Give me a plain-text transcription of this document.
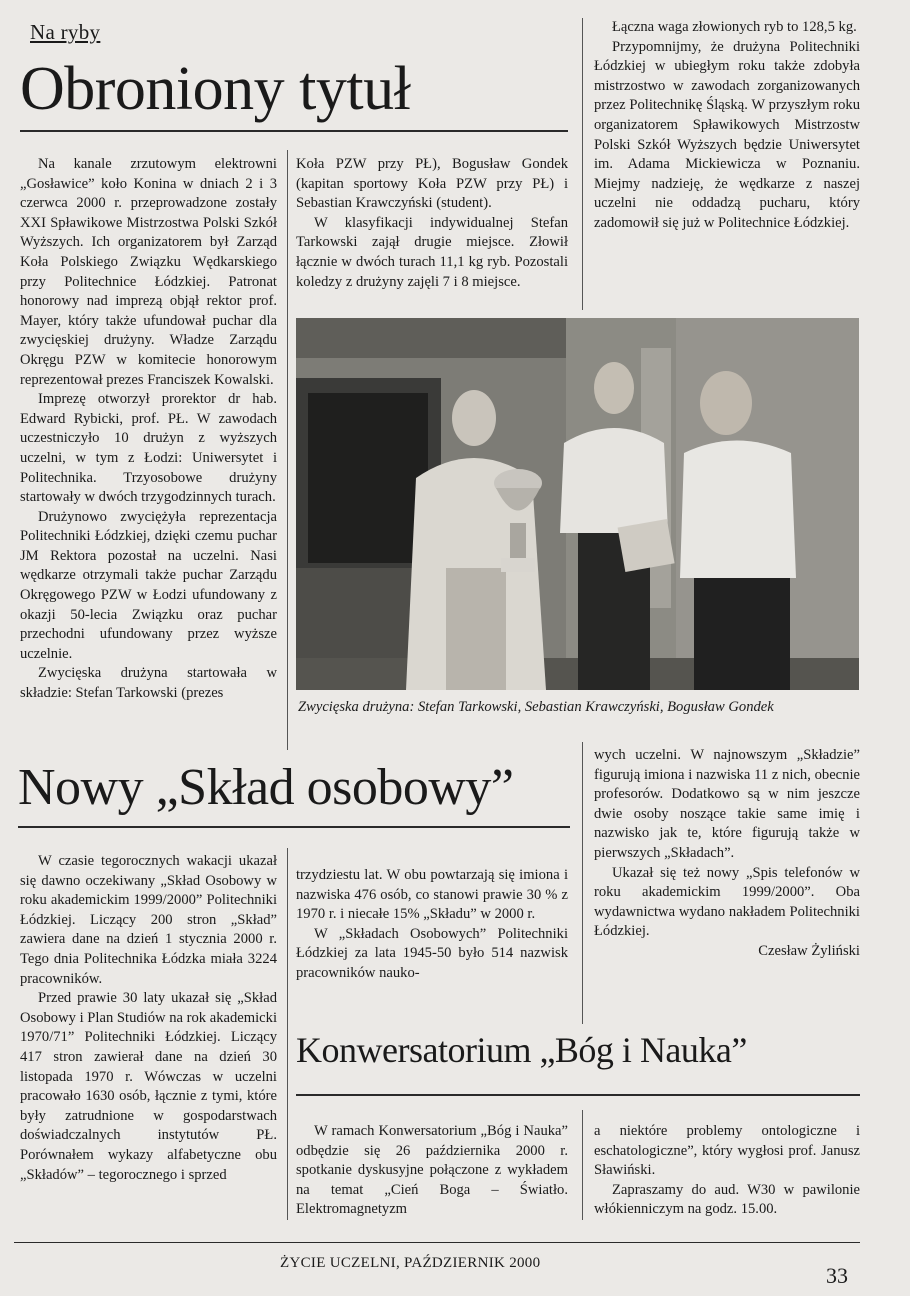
Na ryby
Obroniony tytuł

Na kanale zrzutowym elektrowni „Gosławice” koło Konina w dniach 2 i 3 czerwca 2000 r. przeprowadzone zostały XXI Spławikowe Mistrzostwa Polski Szkół Wyższych. Ich organizatorem był Zarząd Koła Polskiego Związku Wędkarskiego przy Politechnice Łódzkiej. Patronat honorowy nad imprezą objął rektor prof. Mayer, który także ufundował puchar dla zwycięskiej drużyny. Władze Zarządu Okręgu PZW w komitecie honorowym reprezentował prezes Franciszek Kowalski.

Imprezę otworzył prorektor dr hab. Edward Rybicki, prof. PŁ. W zawodach uczestniczyło 10 drużyn z wyższych uczelni, w tym z Łodzi: Uniwersytet i Politechnika. Trzyosobowe drużyny startowały w dwóch trzygodzinnych turach.

Drużynowo zwyciężyła reprezentacja Politechniki Łódzkiej, dzięki czemu puchar JM Rektora pozostał na uczelni. Nasi wędkarze otrzymali także puchar Zarządu Okręgowego PZW w Łodzi ufundowany z okazji 50-lecia Związku oraz puchar przechodni ufundowany przez wyższe uczelnie.

Zwycięska drużyna startowała w składzie: Stefan Tarkowski (prezes

Koła PZW przy PŁ), Bogusław Gondek (kapitan sportowy Koła PZW przy PŁ) i Sebastian Krawczyński (student).

W klasyfikacji indywidualnej Stefan Tarkowski zajął drugie miejsce. Złowił łącznie w dwóch turach 11,1 kg ryb. Pozostali koledzy z drużyny zajęli 7 i 8 miejsce.

Łączna waga złowionych ryb to 128,5 kg.

Przypomnijmy, że drużyna Politechniki Łódzkiej w ubiegłym roku także zdobyła mistrzostwo w zawodach zorganizowanych przez Politechnikę Śląską. W przyszłym roku organizatorem Spławikowych Mistrzostw Polski Szkół Wyższych będzie Uniwersytet im. Adama Mickiewicza w Poznaniu. Miejmy nadzieję, że wędkarze z naszej uczelni nie oddadzą pucharu, który zadomowił się już w Politechnice Łódzkiej.

Zwycięska drużyna: Stefan Tarkowski, Sebastian Krawczyński, Bogusław Gondek
Nowy „Skład osobowy”

W czasie tegorocznych wakacji ukazał się dawno oczekiwany „Skład Osobowy w roku akademickim 1999/2000” Politechniki Łódzkiej. Liczący 200 stron „Skład” zawiera dane na dzień 1 stycznia 2000 r. Tego dnia Politechnika Łódzka miała 3224 pracowników.

Przed prawie 30 laty ukazał się „Skład Osobowy i Plan Studiów na rok akademicki 1970/71” Politechniki Łódzkiej. Liczący 417 stron zawierał dane na dzień 30 listopada 1970 r. Wówczas w uczelni pracowało 1630 osób, łącznie z tymi, które były zatrudnione w gospodarstwach doświadczalnych instytutów PŁ. Porównałem wykazy alfabetyczne obu „Składów” – tegorocznego i sprzed

trzydziestu lat. W obu powtarzają się imiona i nazwiska 476 osób, co stanowi prawie 30 % z 1970 r. i niecałe 15% „Składu” w 2000 r.

W „Składach Osobowych” Politechniki Łódzkiej za lata 1945-50 było 514 nazwisk pracowników nauko-

wych uczelni. W najnowszym „Składzie” figurują imiona i nazwiska 11 z nich, obecnie profesorów. Dodatkowo są w nim jeszcze dwie osoby noszące takie same imię i nazwisko jak te, które figurują także w pierwszych „Składach”.

Ukazał się też nowy „Spis telefonów w roku akademickim 1999/2000”. Oba wydawnictwa wydano nakładem Politechniki Łódzkiej.

Czesław Żyliński

Konwersatorium „Bóg i Nauka”

W ramach Konwersatorium „Bóg i Nauka” odbędzie się 26 października 2000 r. spotkanie dyskusyjne połączone z wykładem na temat „Cień Boga – Światło. Elektromagnetyzm

a niektóre problemy ontologiczne i eschatologiczne”, który wygłosi prof. Janusz Sławiński.

Zapraszamy do aud. W30 w pawilonie włókienniczym na godz. 15.00.

ŻYCIE UCZELNI, PAŹDZIERNIK 2000	33
